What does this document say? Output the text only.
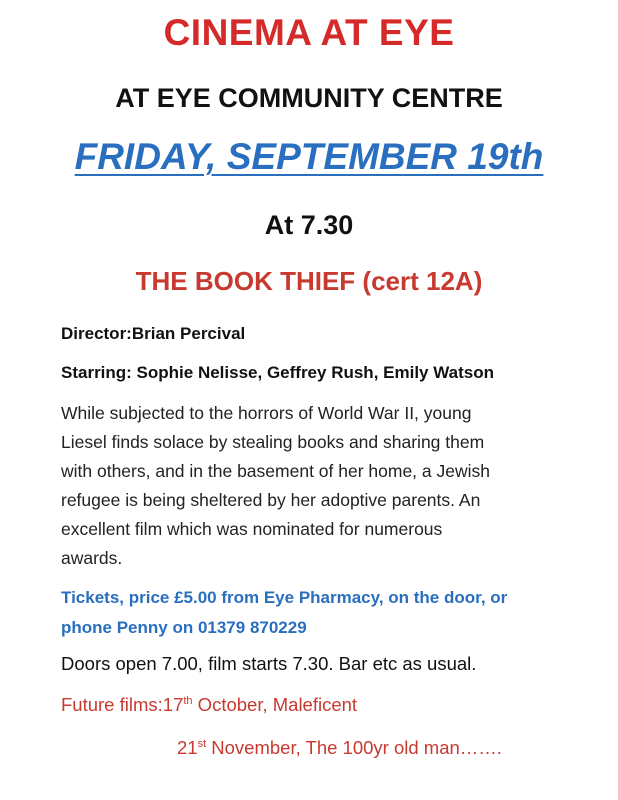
CINEMA AT EYE
AT EYE COMMUNITY CENTRE
FRIDAY, SEPTEMBER 19th
At 7.30
THE BOOK THIEF (cert 12A)
Director:Brian Percival
Starring: Sophie Nelisse, Geffrey Rush, Emily Watson
While subjected to the horrors of World War II, young
Liesel finds solace by stealing books and sharing them
with others, and in the basement of her home, a Jewish
refugee is being sheltered by her adoptive parents. An
excellent film which was nominated for numerous
awards.
Tickets, price £5.00 from Eye Pharmacy, on the door, or
phone Penny on 01379 870229
Doors open 7.00, film starts 7.30. Bar etc as usual.
Future films:17th October, Maleficent
21st November, The 100yr old man…….
